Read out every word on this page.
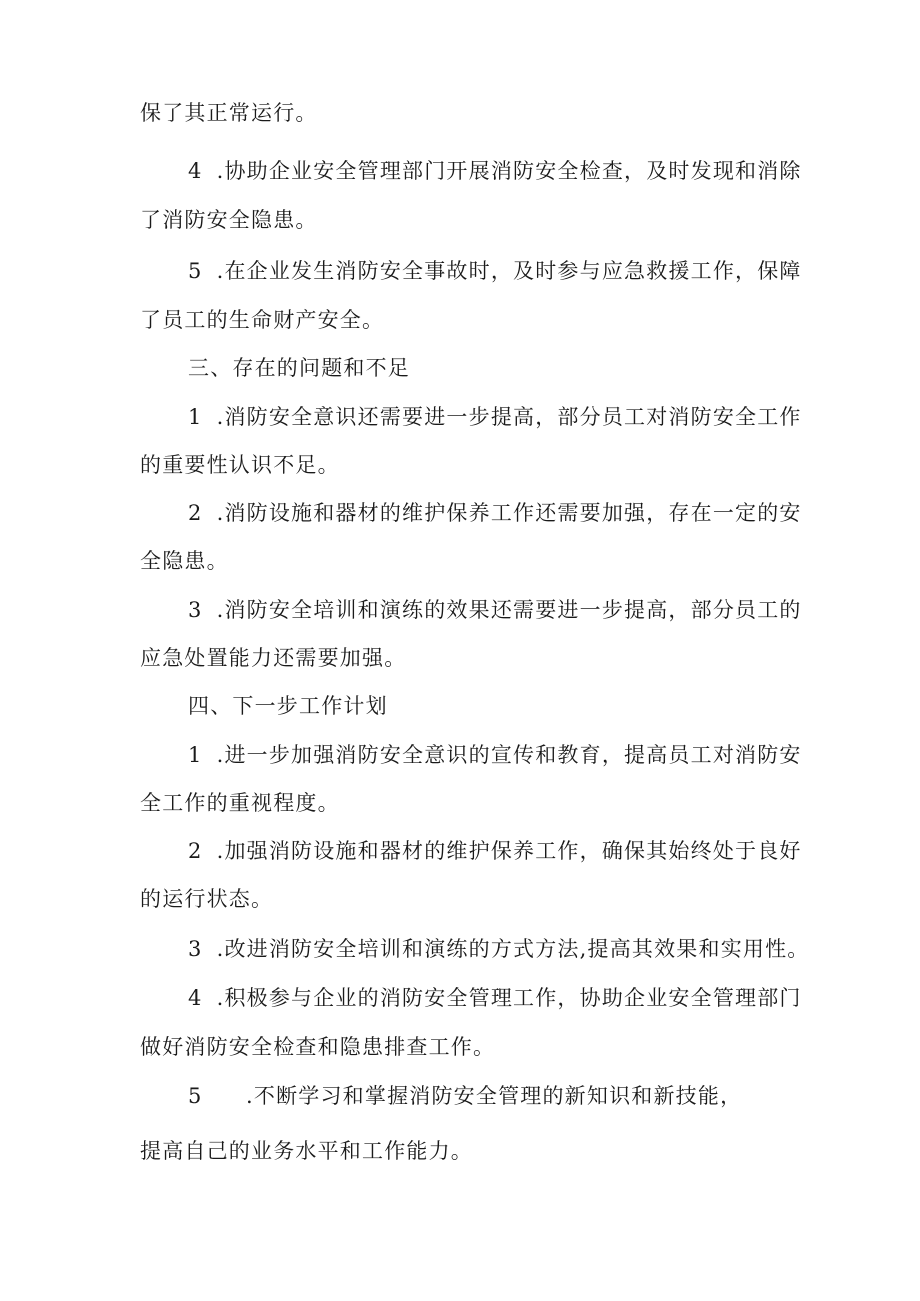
保了其正常运行。
4 .协助企业安全管理部门开展消防安全检查，及时发现和消除
了消防安全隐患。
5 .在企业发生消防安全事故时，及时参与应急救援工作，保障
了员工的生命财产安全。
三、存在的问题和不足
1 .消防安全意识还需要进一步提高，部分员工对消防安全工作
的重要性认识不足。
2 .消防设施和器材的维护保养工作还需要加强，存在一定的安
全隐患。
3 .消防安全培训和演练的效果还需要进一步提高，部分员工的
应急处置能力还需要加强。
四、下一步工作计划
1 .进一步加强消防安全意识的宣传和教育，提高员工对消防安
全工作的重视程度。
2 .加强消防设施和器材的维护保养工作，确保其始终处于良好
的运行状态。
3 .改进消防安全培训和演练的方式方法,提高其效果和实用性。
4 .积极参与企业的消防安全管理工作，协助企业安全管理部门
做好消防安全检查和隐患排查工作。
5 .不断学习和掌握消防安全管理的新知识和新技能，
提高自己的业务水平和工作能力。
